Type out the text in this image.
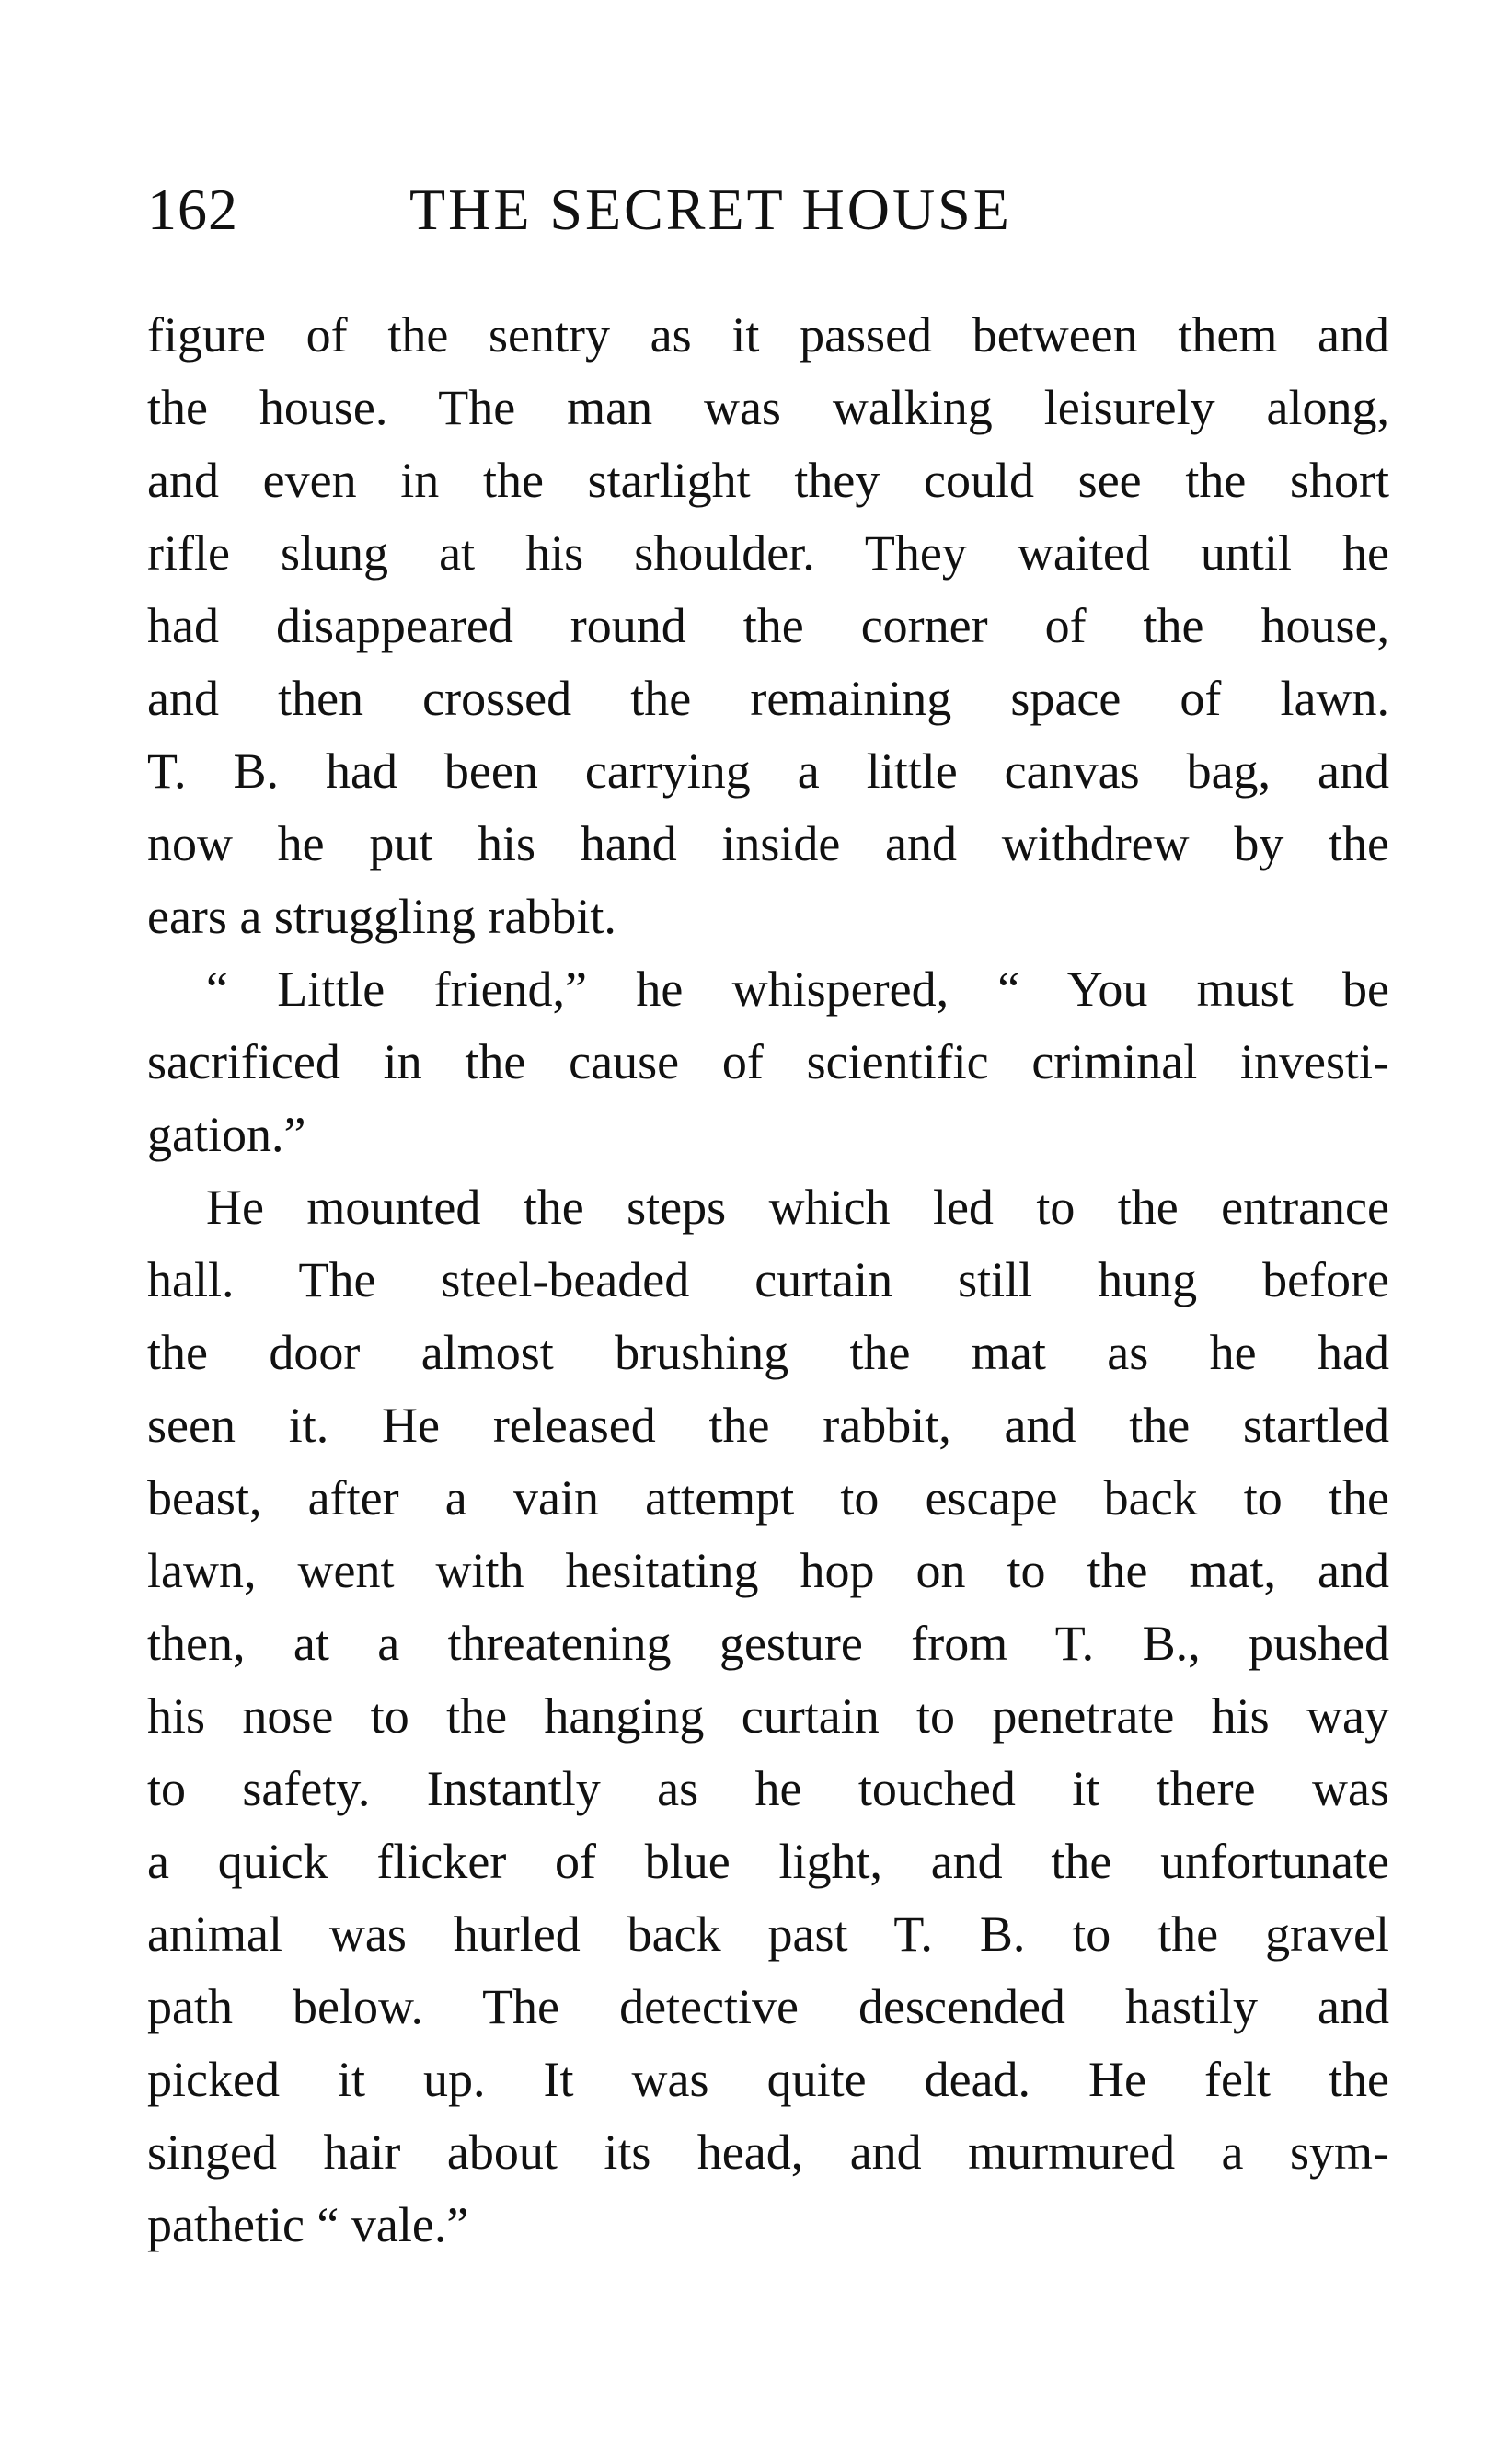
162	THE SECRET HOUSE
figure of the sentry as it passed between them and
the house. The man was walking leisurely along,
and even in the starlight they could see the short
rifle slung at his shoulder. They waited until he
had disappeared round the corner of the house,
and then crossed the remaining space of lawn.
T. B. had been carrying a little canvas bag, and
now he put his hand inside and withdrew by the
ears a struggling rabbit.
“ Little friend,” he whispered, “ You must be
sacrificed in the cause of scientific criminal investi-
gation.”
He mounted the steps which led to the entrance
hall. The steel-beaded curtain still hung before
the door almost brushing the mat as he had
seen it. He released the rabbit, and the startled
beast, after a vain attempt to escape back to the
lawn, went with hesitating hop on to the mat, and
then, at a threatening gesture from T. B., pushed
his nose to the hanging curtain to penetrate his way
to safety. Instantly as he touched it there was
a quick flicker of blue light, and the unfortunate
animal was hurled back past T. B. to the gravel
path below. The detective descended hastily and
picked it up. It was quite dead. He felt the
singed hair about its head, and murmured a sym-
pathetic “ vale.”
